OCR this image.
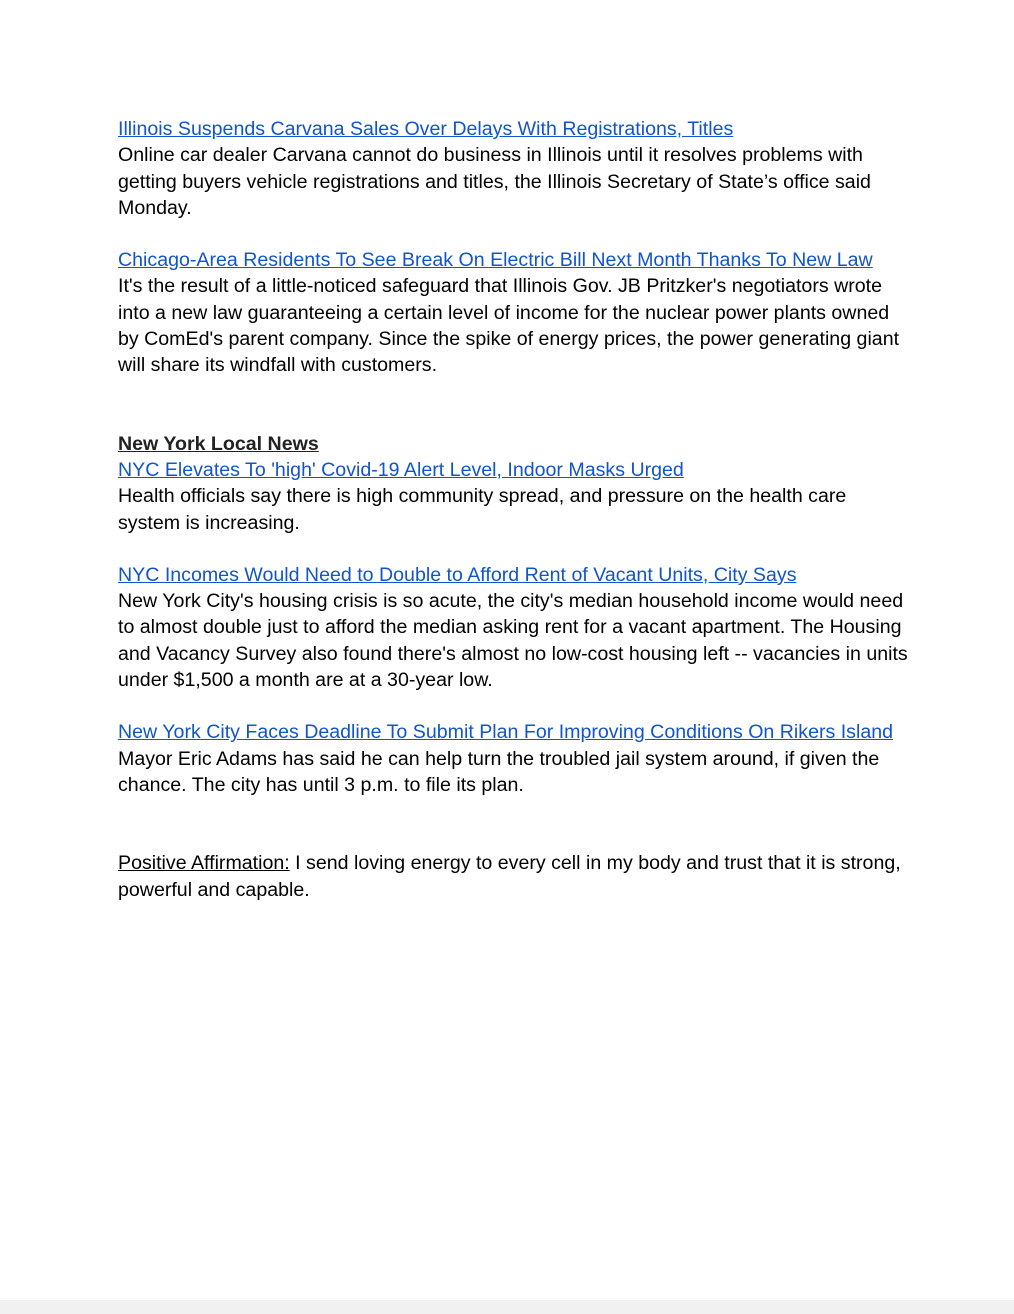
Illinois Suspends Carvana Sales Over Delays With Registrations, Titles
Online car dealer Carvana cannot do business in Illinois until it resolves problems with getting buyers vehicle registrations and titles, the Illinois Secretary of State’s office said Monday.
Chicago-Area Residents To See Break On Electric Bill Next Month Thanks To New Law
It's the result of a little-noticed safeguard that Illinois Gov. JB Pritzker's negotiators wrote into a new law guaranteeing a certain level of income for the nuclear power plants owned by ComEd's parent company. Since the spike of energy prices, the power generating giant will share its windfall with customers.
New York Local News
NYC Elevates To 'high' Covid-19 Alert Level, Indoor Masks Urged
Health officials say there is high community spread, and pressure on the health care system is increasing.
NYC Incomes Would Need to Double to Afford Rent of Vacant Units, City Says
New York City's housing crisis is so acute, the city's median household income would need to almost double just to afford the median asking rent for a vacant apartment. The Housing and Vacancy Survey also found there's almost no low-cost housing left -- vacancies in units under $1,500 a month are at a 30-year low.
New York City Faces Deadline To Submit Plan For Improving Conditions On Rikers Island
Mayor Eric Adams has said he can help turn the troubled jail system around, if given the chance. The city has until 3 p.m. to file its plan.
Positive Affirmation: I send loving energy to every cell in my body and trust that it is strong, powerful and capable.
